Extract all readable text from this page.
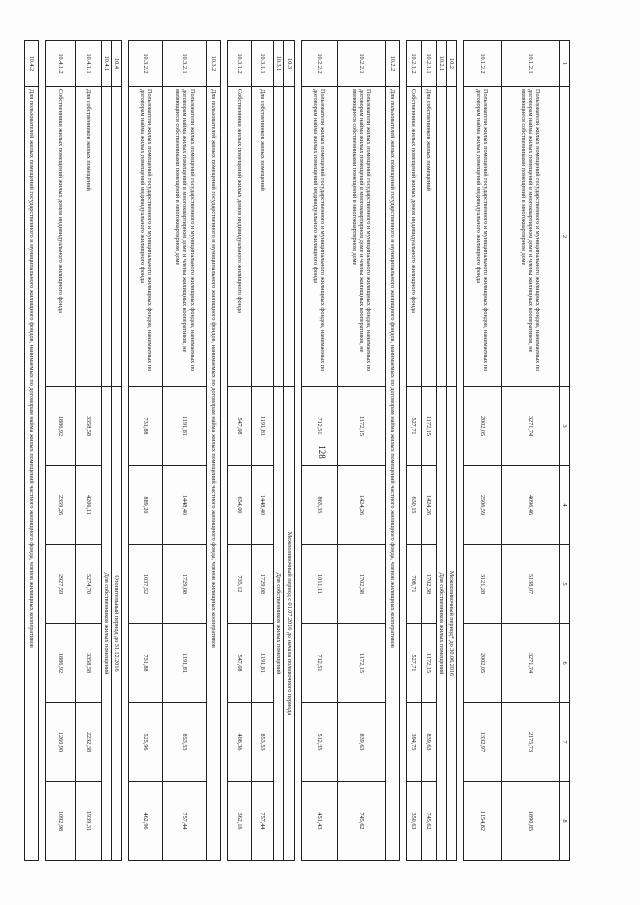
128
1	2	3	4	5	6	7	8
10.1.2.1	Пользователи жилых помещений государственного и муниципального жилищных фондов, нанимаемых по договорам найма жилых помещений в многоквартирном доме и члены жилищных кооперативов, не являющиеся собственниками помещений в многоквартирном доме	3271,74	4096,46	5138,07	3271,74	2175,73	1890,85
10.1.2.2	Пользователи жилых помещений государственного и муниципального жилищных фондов, нанимаемых по договорам найма жилых помещений индивидуального жилищного фонда	2002,05	2506,59	3121,28	2002,05	1332,97	1154,82

10.2		Межполивочный период* до 30.06.2016					
10.2.1		Для собственников жилых помещений					
10.2.1.1	Для собственников жилых помещений	1172,15	1424,26	1702,38	1172,15	839,63	745,62
10.2.1.2	Собственники жилых помещений жилых домов индивидуального жилищного фонда	527,71	630,15	708,71	527,71	394,75	350,63

10.2.2	Для пользователей жилых помещений государственного и муниципального жилищного фондов, нанимаемых по договорам найма жилых помещений частного жилищного фонда, членов жилищных кооперативов						
10.2.2.1	Пользователи жилых помещений государственного и муниципального жилищных фондов, нанимаемых по договорам найма жилых помещений в многоквартирном доме и члены жилищных кооперативов, не являющиеся собственниками помещений в многоквартирном доме	1172,15	1424,26	1702,38	1172,15	839,63	745,62
10.2.2.2	Пользователи жилых помещений государственного и муниципального жилищных фондов, нанимаемых по договорам найма жилых помещений индивидуального жилищного фонда	712,51	865,35	1011,11	712,51	512,35	451,43

10.3		Межполивочный период с 01.07.2016 до начала поливочного периода					
10.3.1		Для собственников жилых помещений					
10.3.1.1	Для собственников жилых помещений	1191,81	1448,40	1729,08	1191,81	853,53	757,44
10.3.1.2	Собственники жилых помещений жилых домов индивидуального жилищного фонда	547,08	654,00	735,12	547,08	408,36	362,16

10.3.2	Для пользователей жилых помещений государственного и муниципального жилищного фондов, нанимаемых по договорам найма жилых помещений частного жилищного фонда, членов жилищных кооперативов						
10.3.2.1	Пользователи жилых помещений государственного и муниципального жилищных фондов, нанимаемых по договорам найма жилых помещений в многоквартирном доме и члены жилищных кооперативов, не являющиеся собственниками помещений в многоквартирном доме	1191,81	1448,40	1729,08	1191,81	853,53	757,44
10.3.2.2	Пользователи жилых помещений государственного и муниципального жилищных фондов, нанимаемых по договорам найма жилых помещений индивидуального жилищного фонда	731,88	889,20	1037,52	731,88	525,96	462,96

10.4		Отопительный период до 31.12.2016					
10.4.1		Для собственников жилых помещений					
10.4.1.1	Для собственников жилых помещений	3358,58	4206,11	5274,70	3358,58	2232,38	1939,31
10.4.1.2	Собственники жилых помещений жилых домов индивидуального жилищного фонда	1886,92	2359,26	2927,59	1886,92	1260,90	1092,98

10.4.2	Для пользователей жилых помещений государственного и муниципального жилищного фондов, нанимаемых по договорам найма жилых помещений частного жилищного фонда, членов жилищных кооперативов						
